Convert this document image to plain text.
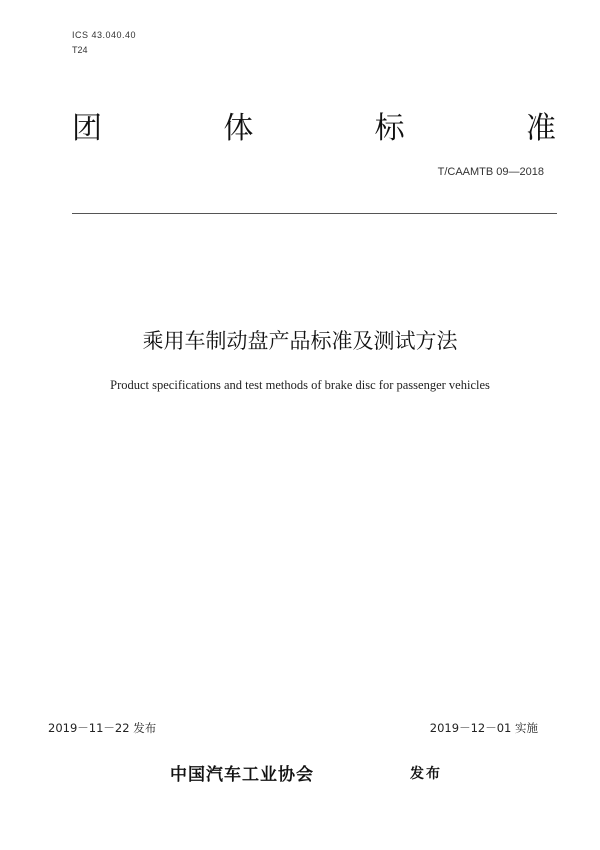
ICS 43.040.40
T24
团	体	标	准
T/CAAMTB 09—2018
乘用车制动盘产品标准及测试方法
Product specifications and test methods of brake disc for passenger vehicles
2019－11－22 发布	2019－12－01 实施
中国汽车工业协会	发布
